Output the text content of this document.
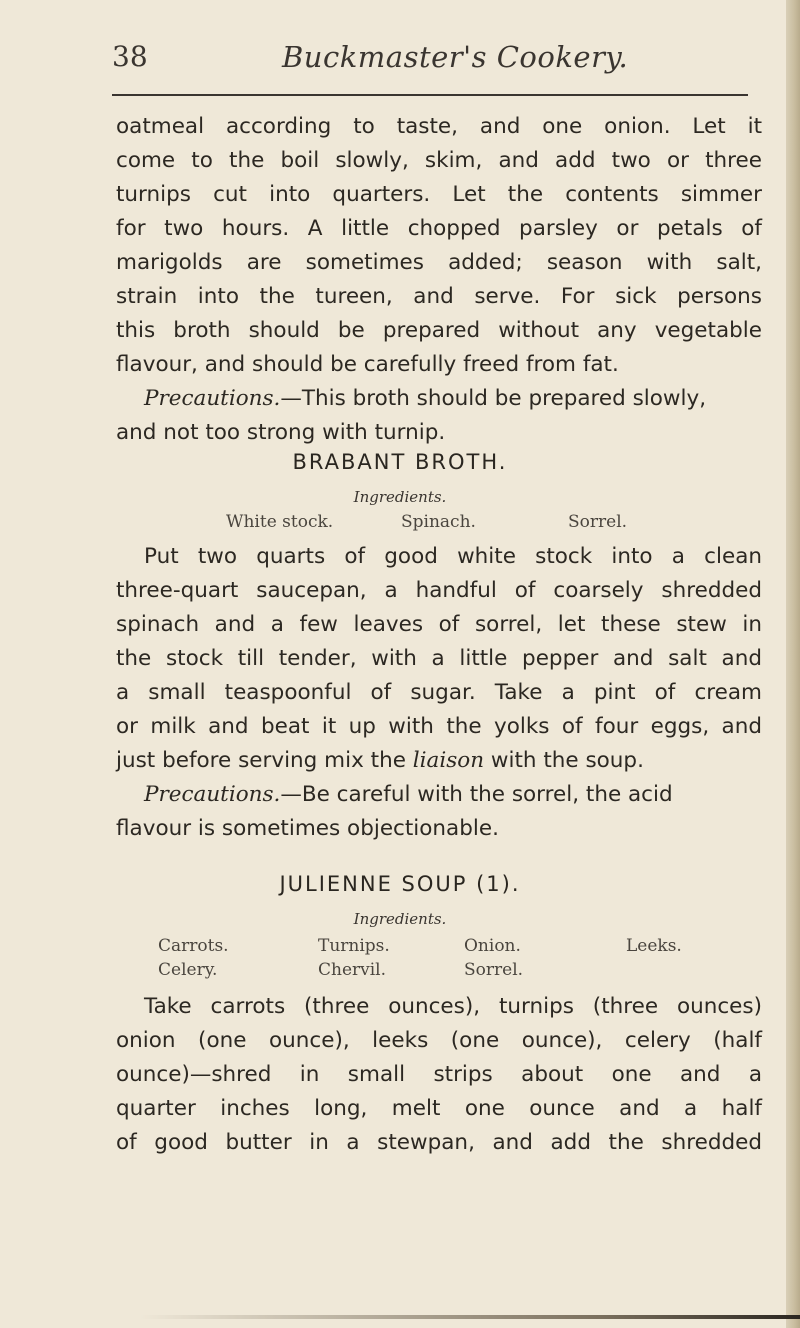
38	Buckmaster's Cookery.
oatmeal according to taste, and one onion. Let it
come to the boil slowly, skim, and add two or three
turnips cut into quarters. Let the contents simmer
for two hours. A little chopped parsley or petals of
marigolds are sometimes added; season with salt,
strain into the tureen, and serve. For sick persons
this broth should be prepared without any vegetable
flavour, and should be carefully freed from fat.
Precautions.—This broth should be prepared slowly,
and not too strong with turnip.
BRABANT BROTH.
Ingredients.
White stock.	Spinach.	Sorrel.
Put two quarts of good white stock into a clean
three-quart saucepan, a handful of coarsely shredded
spinach and a few leaves of sorrel, let these stew in
the stock till tender, with a little pepper and salt and
a small teaspoonful of sugar. Take a pint of cream
or milk and beat it up with the yolks of four eggs, and
just before serving mix the liaison with the soup.
Precautions.—Be careful with the sorrel, the acid
flavour is sometimes objectionable.
JULIENNE SOUP (1).
Ingredients.
Carrots.	Turnips.	Onion.	Leeks.
Celery.	Chervil.	Sorrel.
Take carrots (three ounces), turnips (three ounces)
onion (one ounce), leeks (one ounce), celery (half
ounce)—shred in small strips about one and a
quarter inches long, melt one ounce and a half
of good butter in a stewpan, and add the shredded
